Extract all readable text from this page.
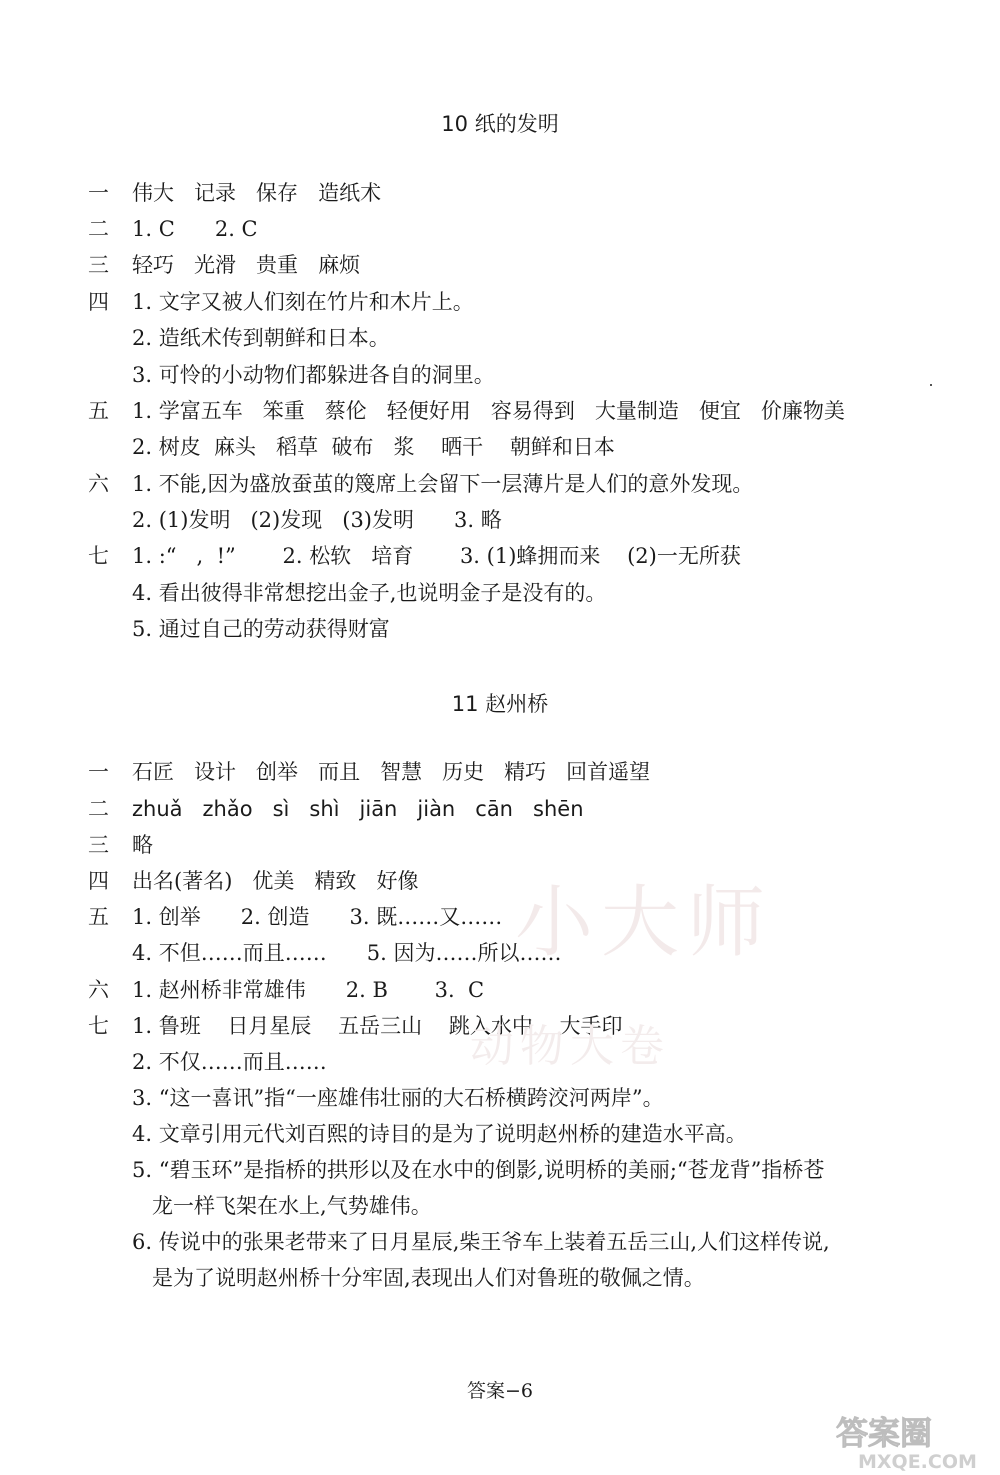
10 纸的发明
一 伟大   记录   保存   造纸术
二 1. C      2. C
三 轻巧   光滑   贵重   麻烦
四 1. 文字又被人们刻在竹片和木片上。
2. 造纸术传到朝鲜和日本。
3. 可怜的小动物们都躲进各自的洞里。
五 1. 学富五车   笨重   蔡伦   轻便好用   容易得到   大量制造   便宜   价廉物美
2. 树皮  麻头   稻草  破布   浆    晒干    朝鲜和日本
六 1. 不能,因为盛放蚕茧的篾席上会留下一层薄片是人们的意外发现。
2. (1)发明   (2)发现   (3)发明      3. 略
七 1. :“   ,  !”       2. 松软   培育       3. (1)蜂拥而来    (2)一无所获
4. 看出彼得非常想挖出金子,也说明金子是没有的。
5. 通过自己的劳动获得财富
11 赵州桥
一 石匠   设计   创举   而且   智慧   历史   精巧   回首遥望
二 zhuǎ   zhǎo   sì   shì   jiān   jiàn   cān   shēn
三 略
四 出名(著名)   优美   精致   好像
五 1. 创举      2. 创造      3. 既……又……
4. 不但……而且……      5. 因为……所以……
六 1. 赵州桥非常雄伟      2. B       3.  C
七 1. 鲁班    日月星辰    五岳三山    跳入水中    大手印
2. 不仅……而且……
3. “这一喜讯”指“一座雄伟壮丽的大石桥横跨洨河两岸”。
4. 文章引用元代刘百熙的诗目的是为了说明赵州桥的建造水平高。
5. “碧玉环”是指桥的拱形以及在水中的倒影,说明桥的美丽;“苍龙背”指桥苍
龙一样飞架在水上,气势雄伟。
6. 传说中的张果老带来了日月星辰,柴王爷车上装着五岳三山,人们这样传说,
是为了说明赵州桥十分牢固,表现出人们对鲁班的敬佩之情。
答案−6
小大师
动物大卷
答案圈
MXQE.COM
